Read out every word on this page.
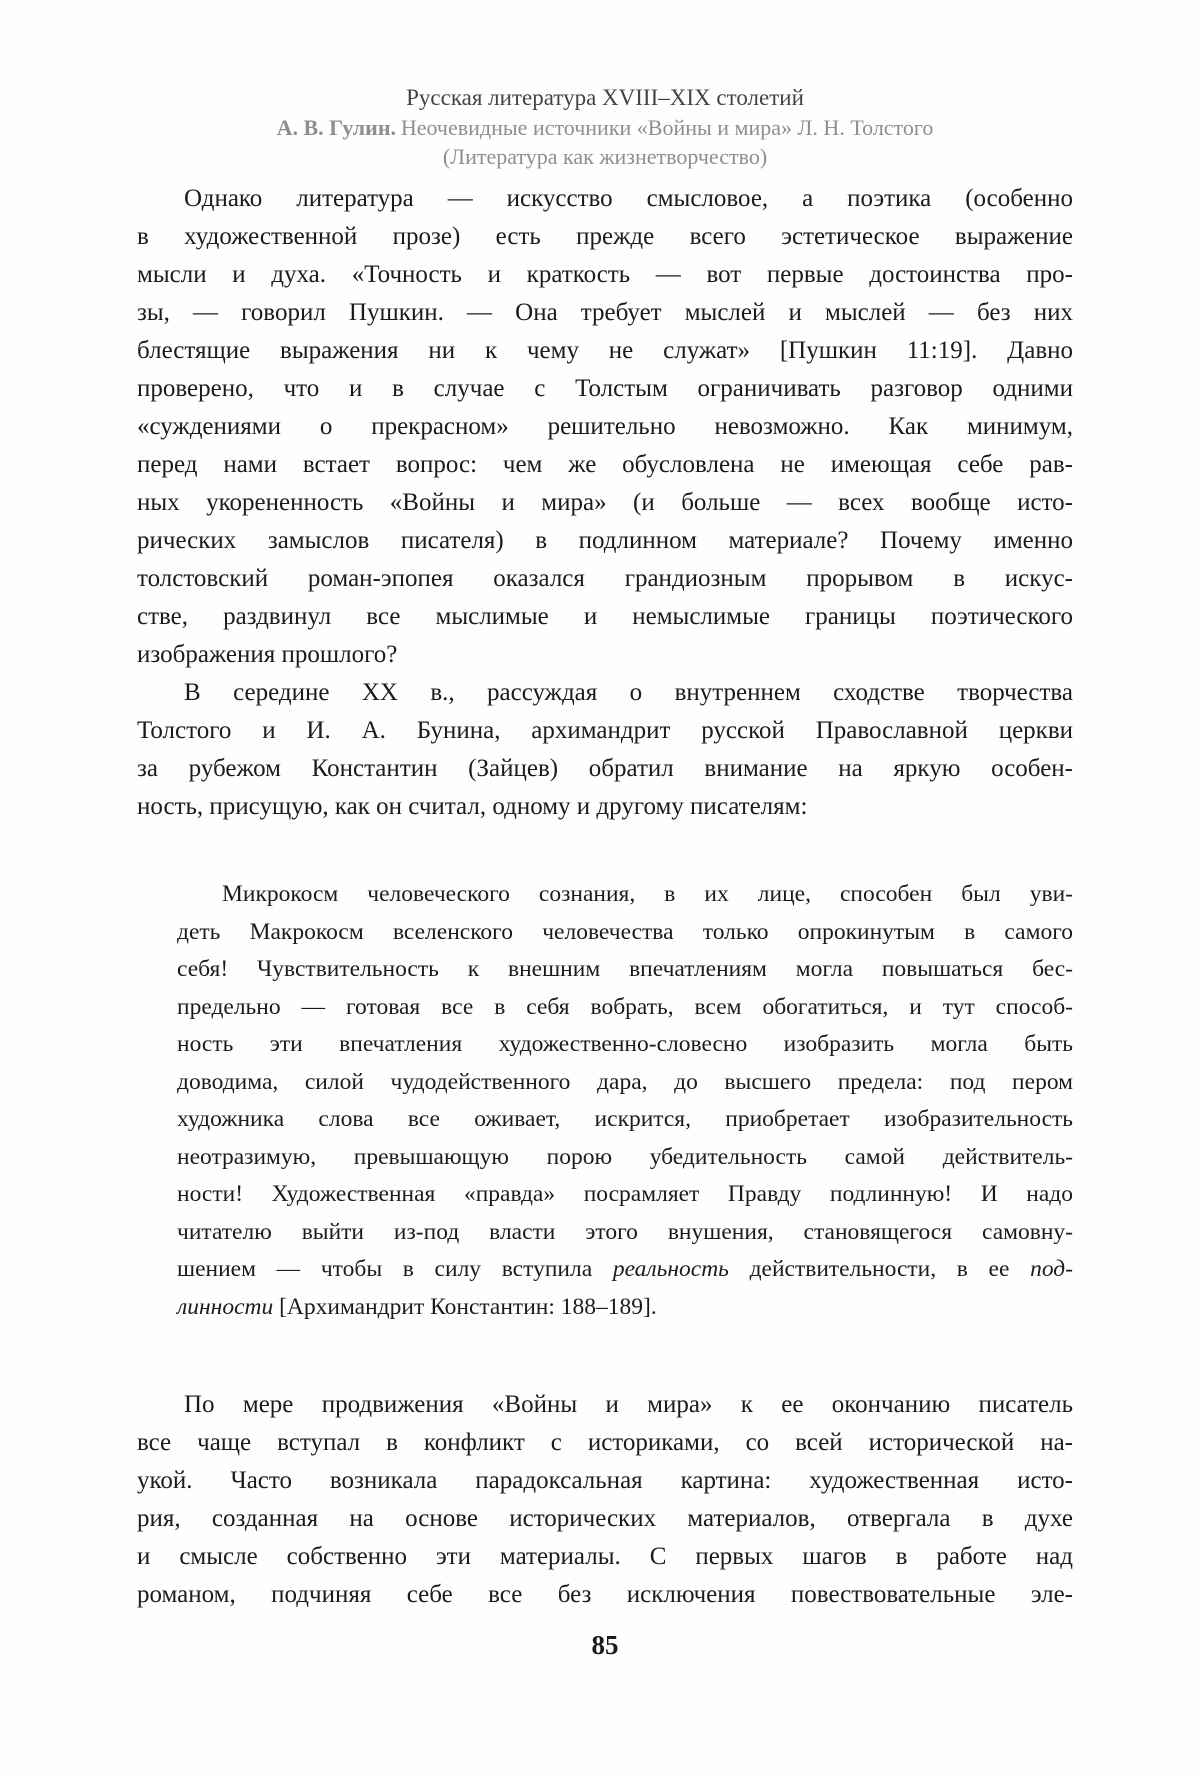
Русская литература XVIII–XIX столетий
А. В. Гулин. Неочевидные источники «Войны и мира» Л. Н. Толстого
(Литература как жизнетворчество)
Однако литература — искусство смысловое, а поэтика (особенно
в художественной прозе) есть прежде всего эстетическое выражение
мысли и духа. «Точность и краткость — вот первые достоинства про-
зы, — говорил Пушкин. — Она требует мыслей и мыслей — без них
блестящие выражения ни к чему не служат» [Пушкин 11:19]. Давно
проверено, что и в случае с Толстым ограничивать разговор одними
«суждениями о прекрасном» решительно невозможно. Как минимум,
перед нами встает вопрос: чем же обусловлена не имеющая себе рав-
ных укорененность «Войны и мира» (и больше — всех вообще исто-
рических замыслов писателя) в подлинном материале? Почему именно
толстовский роман-эпопея оказался грандиозным прорывом в искус-
стве, раздвинул все мыслимые и немыслимые границы поэтического
изображения прошлого?
В середине XX в., рассуждая о внутреннем сходстве творчества
Толстого и И. А. Бунина, архимандрит русской Православной церкви
за рубежом Константин (Зайцев) обратил внимание на яркую особен-
ность, присущую, как он считал, одному и другому писателям:
Микрокосм человеческого сознания, в их лице, способен был уви-
деть Макрокосм вселенского человечества только опрокинутым в самого
себя! Чувствительность к внешним впечатлениям могла повышаться бес-
предельно — готовая все в себя вобрать, всем обогатиться, и тут способ-
ность эти впечатления художественно-словесно изобразить могла быть
доводима, силой чудодейственного дара, до высшего предела: под пером
художника слова все оживает, искрится, приобретает изобразительность
неотразимую, превышающую порою убедительность самой действитель-
ности! Художественная «правда» посрамляет Правду подлинную! И надо
читателю выйти из-под власти этого внушения, становящегося самовну-
шением — чтобы в силу вступила реальность действительности, в ее под-
линности [Архимандрит Константин: 188–189].
По мере продвижения «Войны и мира» к ее окончанию писатель
все чаще вступал в конфликт с историками, со всей исторической на-
укой. Часто возникала парадоксальная картина: художественная исто-
рия, созданная на основе исторических материалов, отвергала в духе
и смысле собственно эти материалы. С первых шагов в работе над
романом, подчиняя себе все без исключения повествовательные эле-
85
